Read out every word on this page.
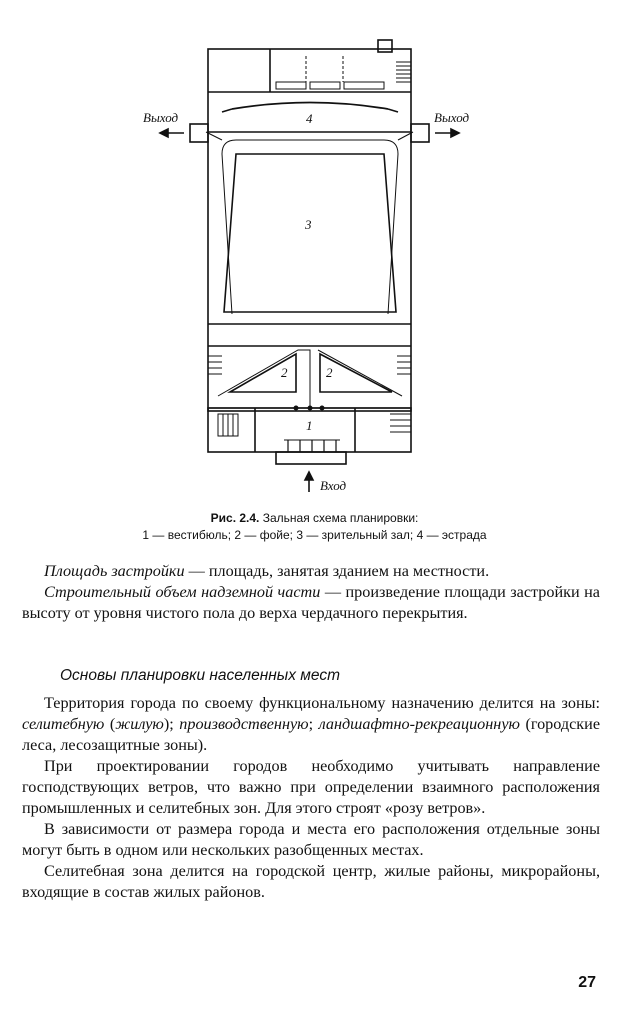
Выход	Выход
Вход
4
3
2	2
1
Рис. 2.4. Зальная схема планировки:
1 — вестибюль; 2 — фойе; 3 — зрительный зал; 4 — эстрада

Площадь застройки — площадь, занятая зданием на местности.

Строительный объем надземной части — произведение площади застройки на высоту от уровня чистого пола до верха чердачного перекрытия.

Основы планировки населенных мест

Территория города по своему функциональному назначению делится на зоны: селитебную (жилую); производственную; ландшафтно-рекреационную (городские леса, лесозащитные зоны).

При проектировании городов необходимо учитывать направление господствующих ветров, что важно при определении взаимного расположения промышленных и селитебных зон. Для этого строят «розу ветров».

В зависимости от размера города и места его расположения отдельные зоны могут быть в одном или нескольких разобщенных местах.

Селитебная зона делится на городской центр, жилые районы, микрорайоны, входящие в состав жилых районов.

27
